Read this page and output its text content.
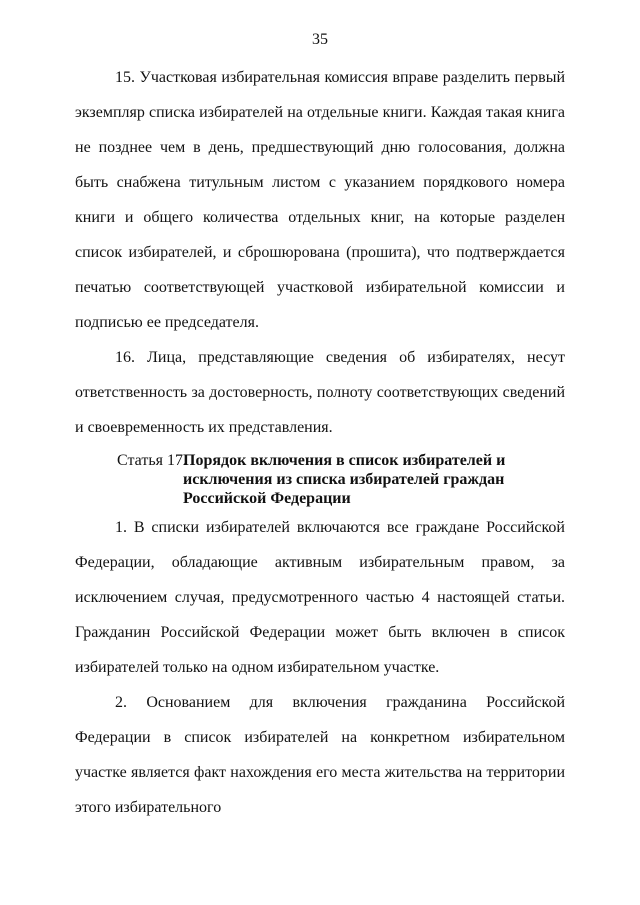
35

15. Участковая избирательная комиссия вправе разделить первый экземпляр списка избирателей на отдельные книги. Каждая такая книга не позднее чем в день, предшествующий дню голосования, должна быть снабжена титульным листом с указанием порядкового номера книги и общего количества отдельных книг, на которые разделен список избирателей, и сброшюрована (прошита), что подтверждается печатью соответствующей участковой избирательной комиссии и подписью ее председателя.

16. Лица, представляющие сведения об избирателях, несут ответственность за достоверность, полноту соответствующих сведений и своевременность их представления.

Статья 17.
Порядок включения в список избирателей и исключения из списка избирателей граждан Российской Федерации

1. В списки избирателей включаются все граждане Российской Федерации, обладающие активным избирательным правом, за исключением случая, предусмотренного частью 4 настоящей статьи. Гражданин Российской Федерации может быть включен в список избирателей только на одном избирательном участке.

2. Основанием для включения гражданина Российской Федерации в список избирателей на конкретном избирательном участке является факт нахождения его места жительства на территории этого избирательного
